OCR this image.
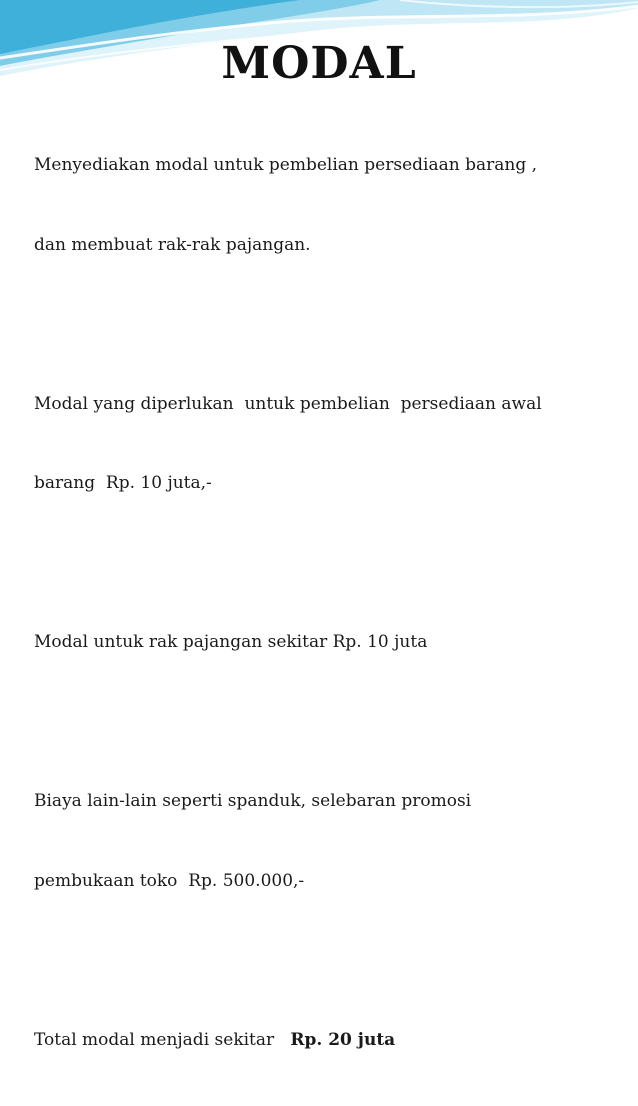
MODAL

Menyediakan modal untuk pembelian persediaan barang ,

dan membuat rak-rak pajangan.

Modal yang diperlukan  untuk pembelian  persediaan awal

barang  Rp. 10 juta,-

Modal untuk rak pajangan sekitar Rp. 10 juta

Biaya lain-lain seperti spanduk, selebaran promosi

pembukaan toko  Rp. 500.000,-

Total modal menjadi sekitar   Rp. 20 juta
